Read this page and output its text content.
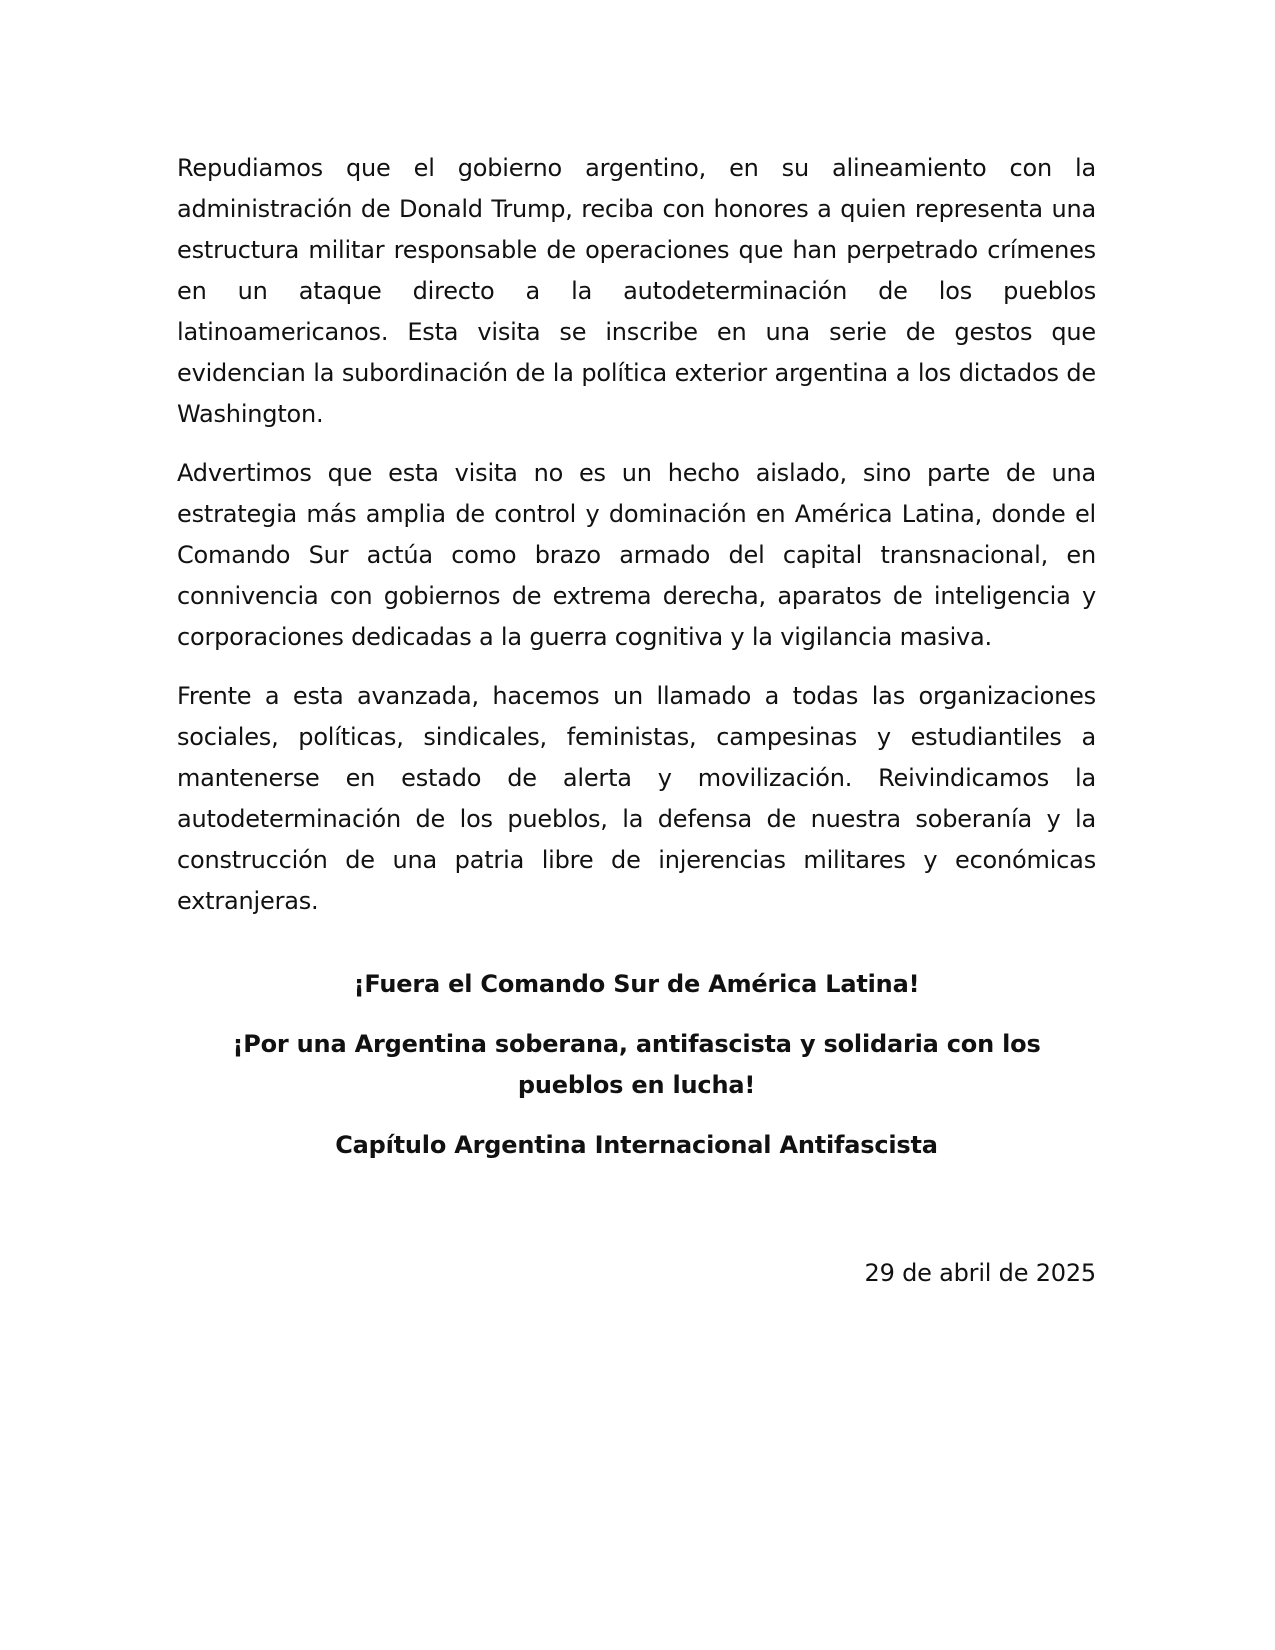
Repudiamos que el gobierno argentino, en su alineamiento con la administración de Donald Trump, reciba con honores a quien representa una estructura militar responsable de operaciones que han perpetrado crímenes en un ataque directo a la autodeterminación de los pueblos latinoamericanos. Esta visita se inscribe en una serie de gestos que evidencian la subordinación de la política exterior argentina a los dictados de Washington.

Advertimos que esta visita no es un hecho aislado, sino parte de una estrategia más amplia de control y dominación en América Latina, donde el Comando Sur actúa como brazo armado del capital transnacional, en connivencia con gobiernos de extrema derecha, aparatos de inteligencia y corporaciones dedicadas a la guerra cognitiva y la vigilancia masiva.

Frente a esta avanzada, hacemos un llamado a todas las organizaciones sociales, políticas, sindicales, feministas, campesinas y estudiantiles a mantenerse en estado de alerta y movilización. Reivindicamos la autodeterminación de los pueblos, la defensa de nuestra soberanía y la construcción de una patria libre de injerencias militares y económicas extranjeras.

¡Fuera el Comando Sur de América Latina!

¡Por una Argentina soberana, antifascista y solidaria con los pueblos en lucha!

Capítulo Argentina Internacional Antifascista

29 de abril de 2025
